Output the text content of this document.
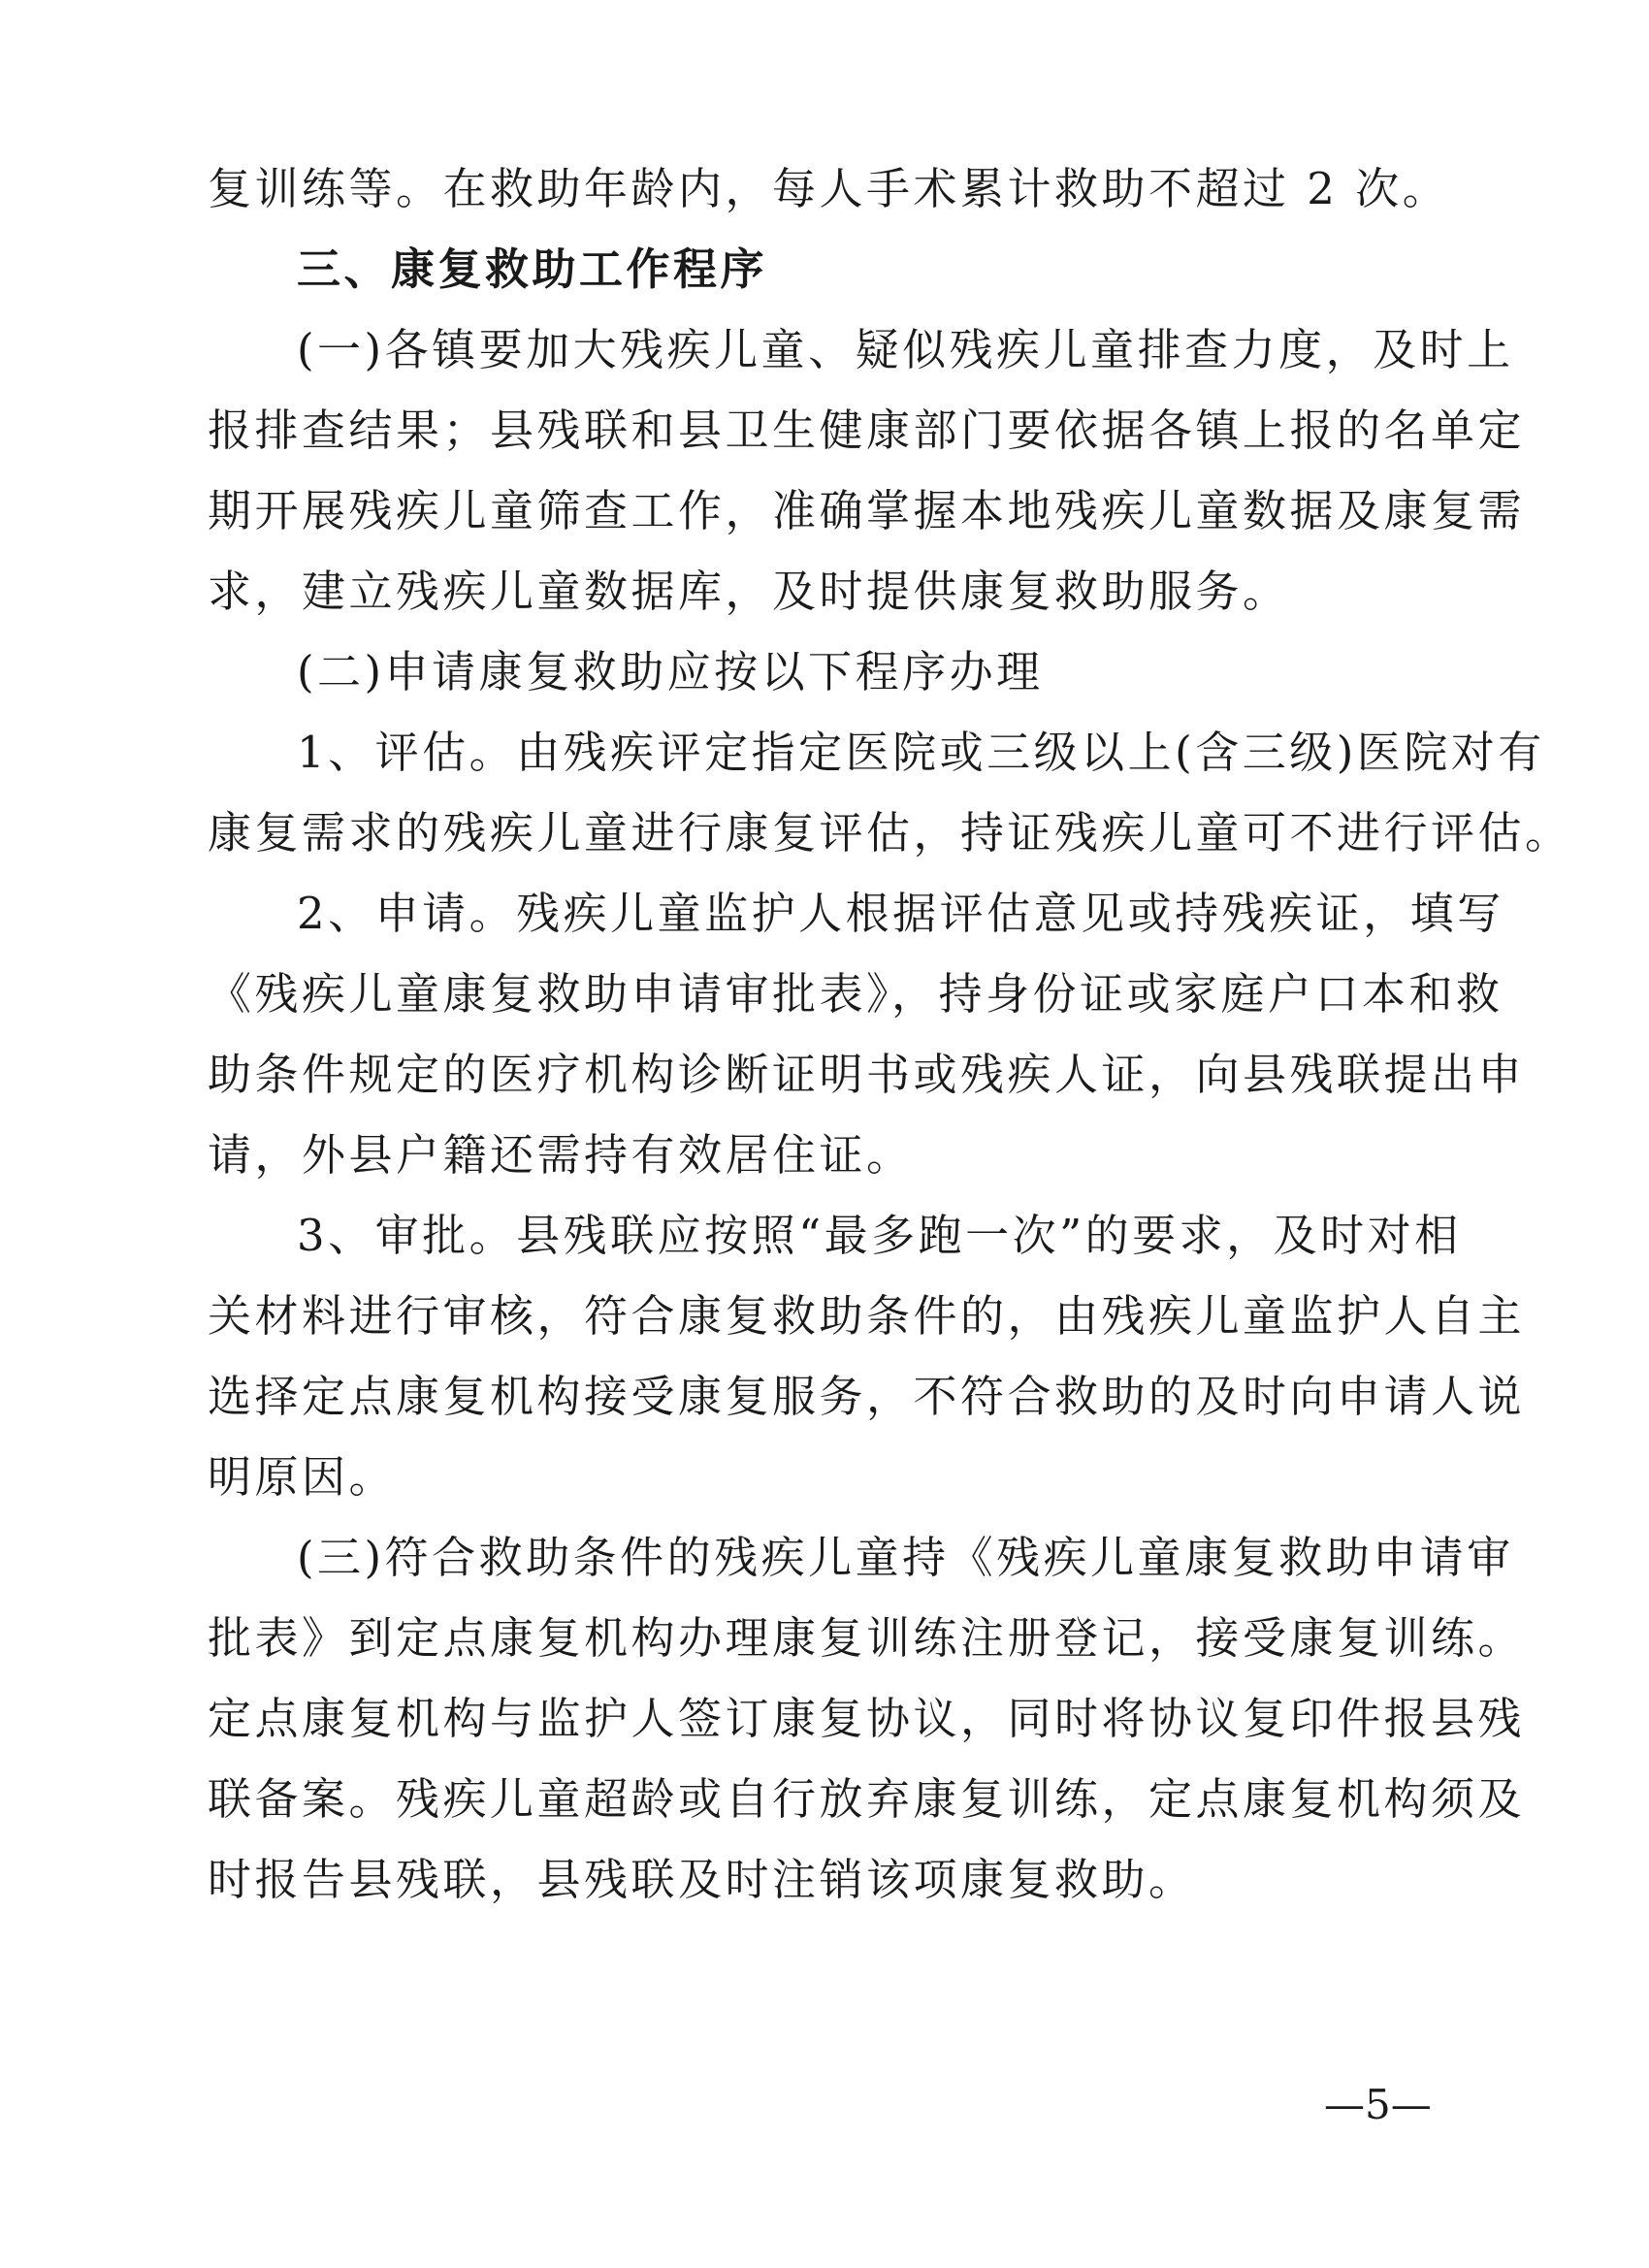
复训练等。在救助年龄内，每人手术累计救助不超过 2 次。
三、康复救助工作程序
(一)各镇要加大残疾儿童、疑似残疾儿童排查力度，及时上
报排查结果；县残联和县卫生健康部门要依据各镇上报的名单定
期开展残疾儿童筛查工作，准确掌握本地残疾儿童数据及康复需
求，建立残疾儿童数据库，及时提供康复救助服务。
(二)申请康复救助应按以下程序办理
1、评估。由残疾评定指定医院或三级以上(含三级)医院对有
康复需求的残疾儿童进行康复评估，持证残疾儿童可不进行评估。
2、申请。残疾儿童监护人根据评估意见或持残疾证，填写
《残疾儿童康复救助申请审批表》，持身份证或家庭户口本和救
助条件规定的医疗机构诊断证明书或残疾人证，向县残联提出申
请，外县户籍还需持有效居住证。
3、审批。县残联应按照“最多跑一次”的要求，及时对相
关材料进行审核，符合康复救助条件的，由残疾儿童监护人自主
选择定点康复机构接受康复服务，不符合救助的及时向申请人说
明原因。
(三)符合救助条件的残疾儿童持《残疾儿童康复救助申请审
批表》到定点康复机构办理康复训练注册登记，接受康复训练。
定点康复机构与监护人签订康复协议，同时将协议复印件报县残
联备案。残疾儿童超龄或自行放弃康复训练，定点康复机构须及
时报告县残联，县残联及时注销该项康复救助。
—5—
